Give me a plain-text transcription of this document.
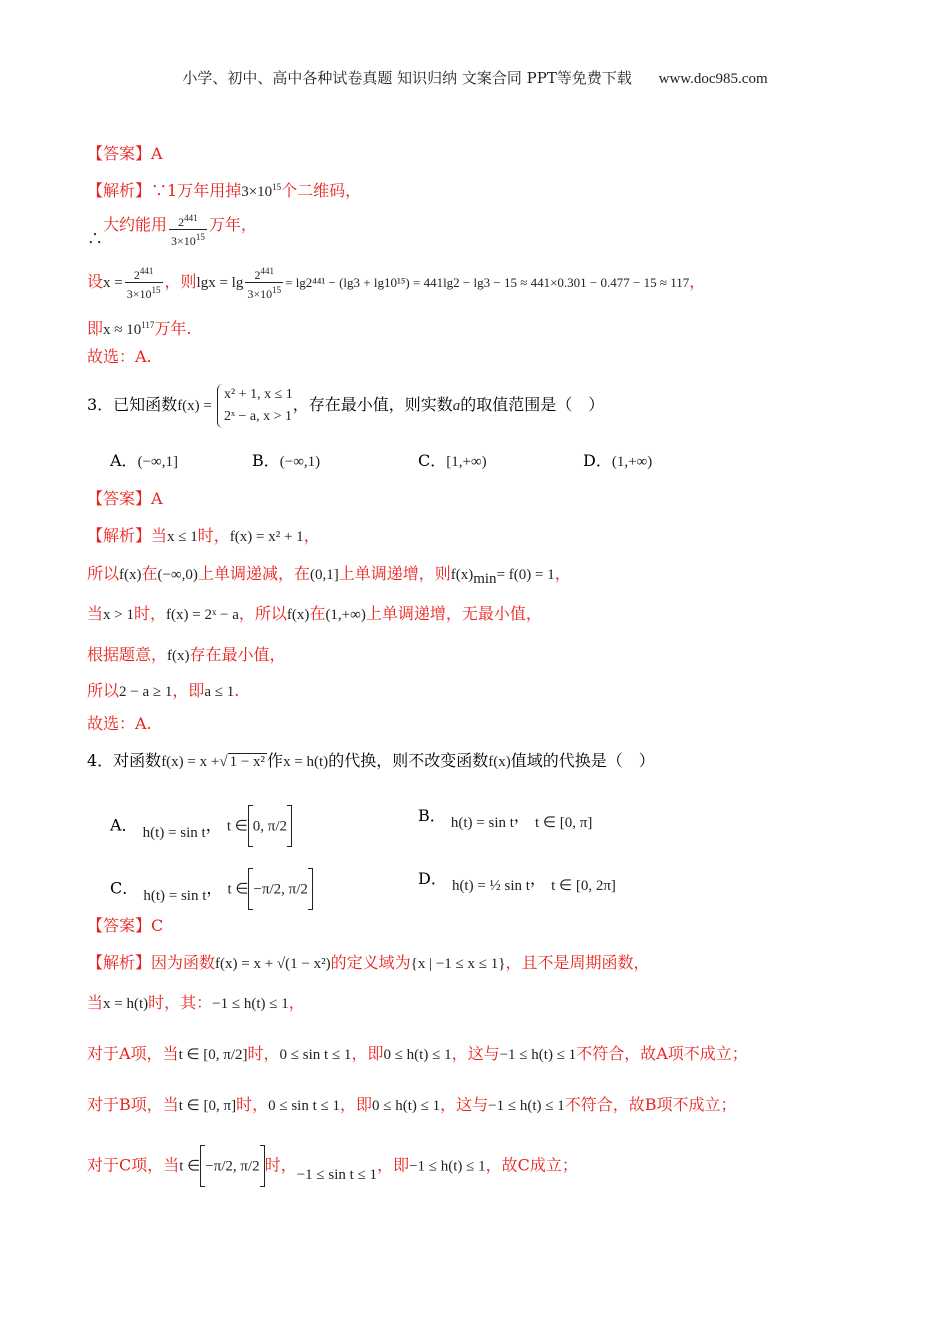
小学、初中、高中各种试卷真题 知识归纳 文案合同 PPT等免费下载 www.doc985.com
【答案】A
【解析】∵1万年用掉$3\times 10^{15}$个二维码，
∴大约能用 $\frac{2^{441}}{3\times 10^{15}}$ 万年，
设$x = \frac{2^{441}}{3\times 10^{15}}$ ，则$\lg x = \lg \frac{2^{441}}{3\times 10^{15}} = \lg 2^{441} - (\lg 3 + \lg 10^{15}) = 441\lg 2 - \lg 3 - 15 \approx 441\times 0.301 - 0.477 - 15 \approx 117$，
即$x \approx 10^{117}$万年.
故选：A.
3．已知函数f(x) =
x² + 1, x ≤ 1
2ˣ − a, x > 1
，存在最小值，则实数a的取值范围是（　）
A．(−∞,1]	B．(−∞,1)	C．[1,+∞)	D．(1,+∞)
【答案】A
【解析】当x ≤ 1时，f(x) = x² + 1，
所以f(x)在(−∞,0)上单调递减，在(0,1]上单调递增，则$f(x)_{min}= f(0) = 1$，
当x > 1时，f(x) = 2ˣ − a，所以f(x)在(1,+∞)上单调递增，无最小值，
根据题意，f(x)存在最小值，
所以2 − a ≥ 1，即a ≤ 1.
故选：A.
4．对函数f(x) = x +√ 1 − x² 作x = h(t)的代换，则不改变函数f(x)值域的代换是（　）
A． h(t) = sin t， t ∈ 0, π/2
B． h(t) = sin t， t ∈ [0, π]
C． h(t) = sin t， t ∈ −π/2, π/2
D． h(t) = ½ sin t， t ∈ [0, 2π]
【答案】C
【解析】因为函数f(x) = x + √(1 − x²)的定义域为{x | −1 ≤ x ≤ 1}，且不是周期函数，
当x = h(t)时，其：−1 ≤ h(t) ≤ 1，
对于A项，当t ∈ [0, π/2]时，0 ≤ sin t ≤ 1，即0 ≤ h(t) ≤ 1，这与−1 ≤ h(t) ≤ 1不符合，故A项不成立；
对于B项，当t ∈ [0, π]时，0 ≤ sin t ≤ 1，即0 ≤ h(t) ≤ 1，这与−1 ≤ h(t) ≤ 1不符合，故B项不成立；
对于C项，当t ∈ −π/2, π/2 时，−1 ≤ sin t ≤ 1，即−1 ≤ h(t) ≤ 1，故C成立；
